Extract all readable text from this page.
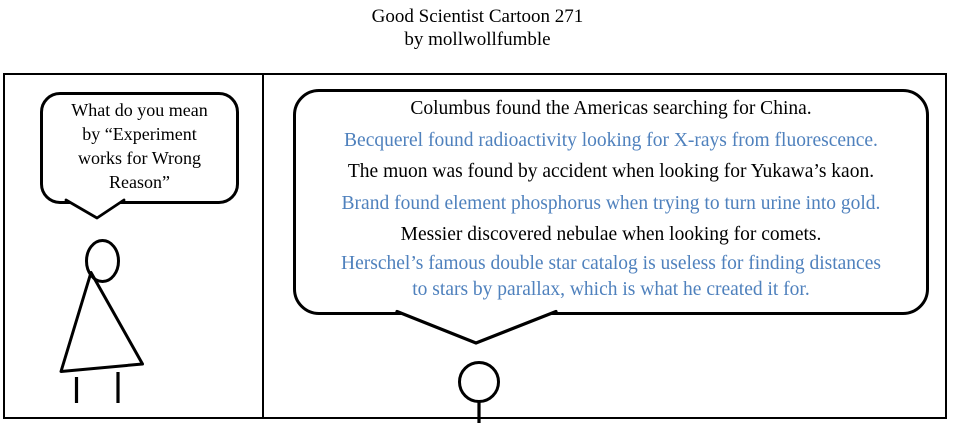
Good Scientist Cartoon 271
by mollwollfumble
What do you mean
by “Experiment
works for Wrong
Reason”
Columbus found the Americas searching for China.
Becquerel found radioactivity looking for X-rays from fluorescence.
The muon was found by accident when looking for Yukawa’s kaon.
Brand found element phosphorus when trying to turn urine into gold.
Messier discovered nebulae when looking for comets.
Herschel’s famous double star catalog is useless for finding distances
to stars by parallax, which is what he created it for.
